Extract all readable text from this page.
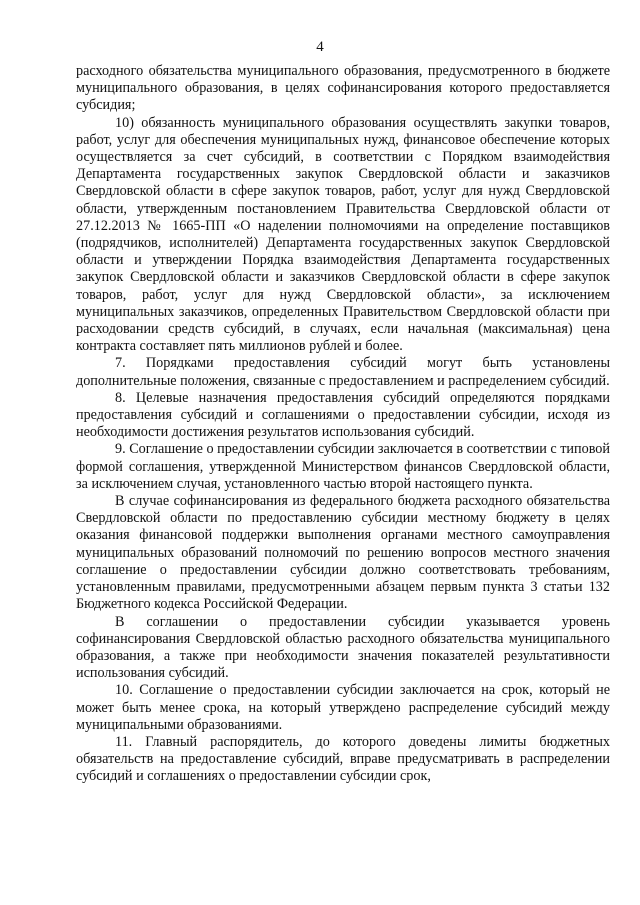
4

расходного обязательства муниципального образования, предусмотренного в бюджете муниципального образования, в целях софинансирования которого предоставляется субсидия;

10) обязанность муниципального образования осуществлять закупки товаров, работ, услуг для обеспечения муниципальных нужд, финансовое обеспечение которых осуществляется за счет субсидий, в соответствии с Порядком взаимодействия Департамента государственных закупок Свердловской области и заказчиков Свердловской области в сфере закупок товаров, работ, услуг для нужд Свердловской области, утвержденным постановлением Правительства Свердловской области от 27.12.2013 № 1665-ПП «О наделении полномочиями на определение поставщиков (подрядчиков, исполнителей) Департамента государственных закупок Свердловской области и утверждении Порядка взаимодействия Департамента государственных закупок Свердловской области и заказчиков Свердловской области в сфере закупок товаров, работ, услуг для нужд Свердловской области», за исключением муниципальных заказчиков, определенных Правительством Свердловской области при расходовании средств субсидий, в случаях, если начальная (максимальная) цена контракта составляет пять миллионов рублей и более.

7. Порядками предоставления субсидий могут быть установлены дополнительные положения, связанные с предоставлением и распределением субсидий.

8. Целевые назначения предоставления субсидий определяются порядками предоставления субсидий и соглашениями о предоставлении субсидии, исходя из необходимости достижения результатов использования субсидий.

9. Соглашение о предоставлении субсидии заключается в соответствии с типовой формой соглашения, утвержденной Министерством финансов Свердловской области, за исключением случая, установленного частью второй настоящего пункта.

В случае софинансирования из федерального бюджета расходного обязательства Свердловской области по предоставлению субсидии местному бюджету в целях оказания финансовой поддержки выполнения органами местного самоуправления муниципальных образований полномочий по решению вопросов местного значения соглашение о предоставлении субсидии должно соответствовать требованиям, установленным правилами, предусмотренными абзацем первым пункта 3 статьи 132 Бюджетного кодекса Российской Федерации.

В соглашении о предоставлении субсидии указывается уровень софинансирования Свердловской областью расходного обязательства муниципального образования, а также при необходимости значения показателей результативности использования субсидий.

10. Соглашение о предоставлении субсидии заключается на срок, который не может быть менее срока, на который утверждено распределение субсидий между муниципальными образованиями.

11. Главный распорядитель, до которого доведены лимиты бюджетных обязательств на предоставление субсидий, вправе предусматривать в распределении субсидий и соглашениях о предоставлении субсидии срок,
